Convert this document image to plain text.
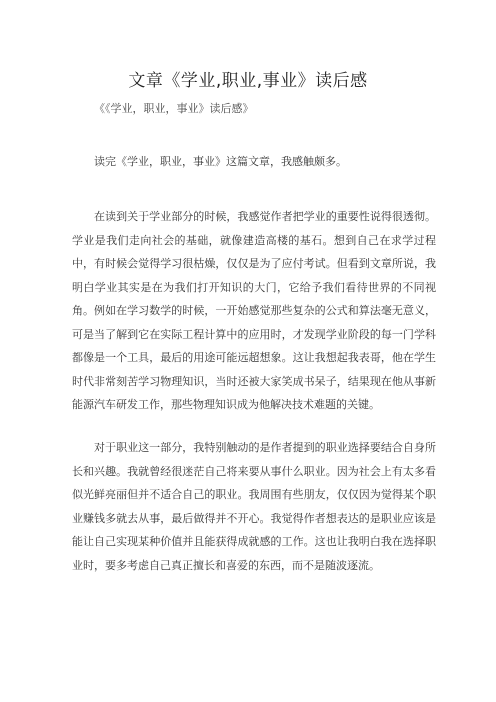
文章《学业,职业,事业》读后感
《《学业，职业，事业》读后感》

读完《学业，职业，事业》这篇文章，我感触颇多。

在读到关于学业部分的时候，我感觉作者把学业的重要性说得很透彻。学业是我们走向社会的基础，就像建造高楼的基石。想到自己在求学过程中，有时候会觉得学习很枯燥，仅仅是为了应付考试。但看到文章所说，我明白学业其实是在为我们打开知识的大门，它给予我们看待世界的不同视角。例如在学习数学的时候，一开始感觉那些复杂的公式和算法毫无意义，可是当了解到它在实际工程计算中的应用时，才发现学业阶段的每一门学科都像是一个工具，最后的用途可能远超想象。这让我想起我表哥，他在学生时代非常刻苦学习物理知识，当时还被大家笑成书呆子，结果现在他从事新能源汽车研发工作，那些物理知识成为他解决技术难题的关键。

对于职业这一部分，我特别触动的是作者提到的职业选择要结合自身所长和兴趣。我就曾经很迷茫自己将来要从事什么职业。因为社会上有太多看似光鲜亮丽但并不适合自己的职业。我周围有些朋友，仅仅因为觉得某个职业赚钱多就去从事，最后做得并不开心。我觉得作者想表达的是职业应该是能让自己实现某种价值并且能获得成就感的工作。这也让我明白我在选择职业时，要多考虑自己真正擅长和喜爱的东西，而不是随波逐流。
